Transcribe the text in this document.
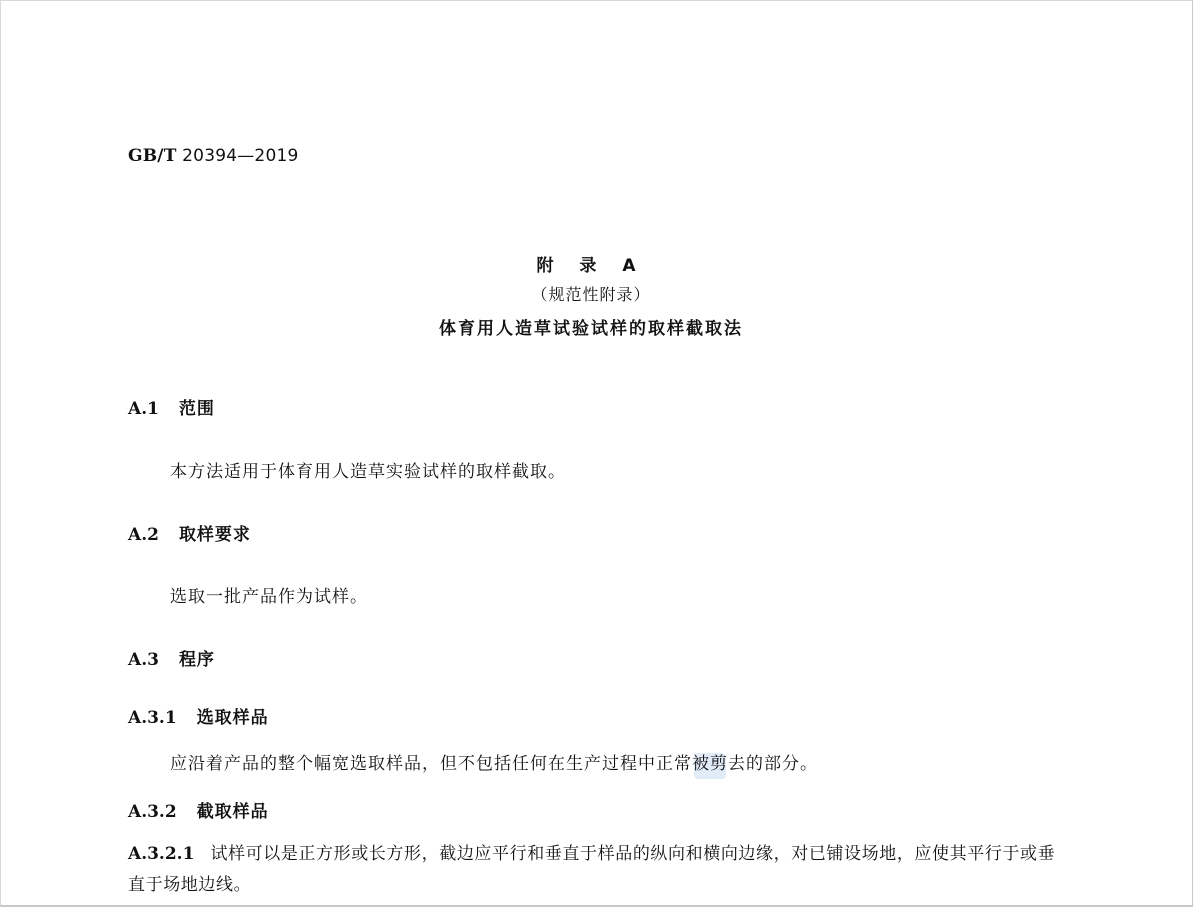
GB/T 20394—2019
附 录 A
（规范性附录）
体育用人造草试验试样的取样截取法
A.1 范围
本方法适用于体育用人造草实验试样的取样截取。
A.2 取样要求
选取一批产品作为试样。
A.3 程序
A.3.1 选取样品
应沿着产品的整个幅宽选取样品，但不包括任何在生产过程中正常被剪去的部分。
A.3.2 截取样品
A.3.2.1 试样可以是正方形或长方形，截边应平行和垂直于样品的纵向和横向边缘，对已铺设场地，应使其平行于或垂直于场地边线。
